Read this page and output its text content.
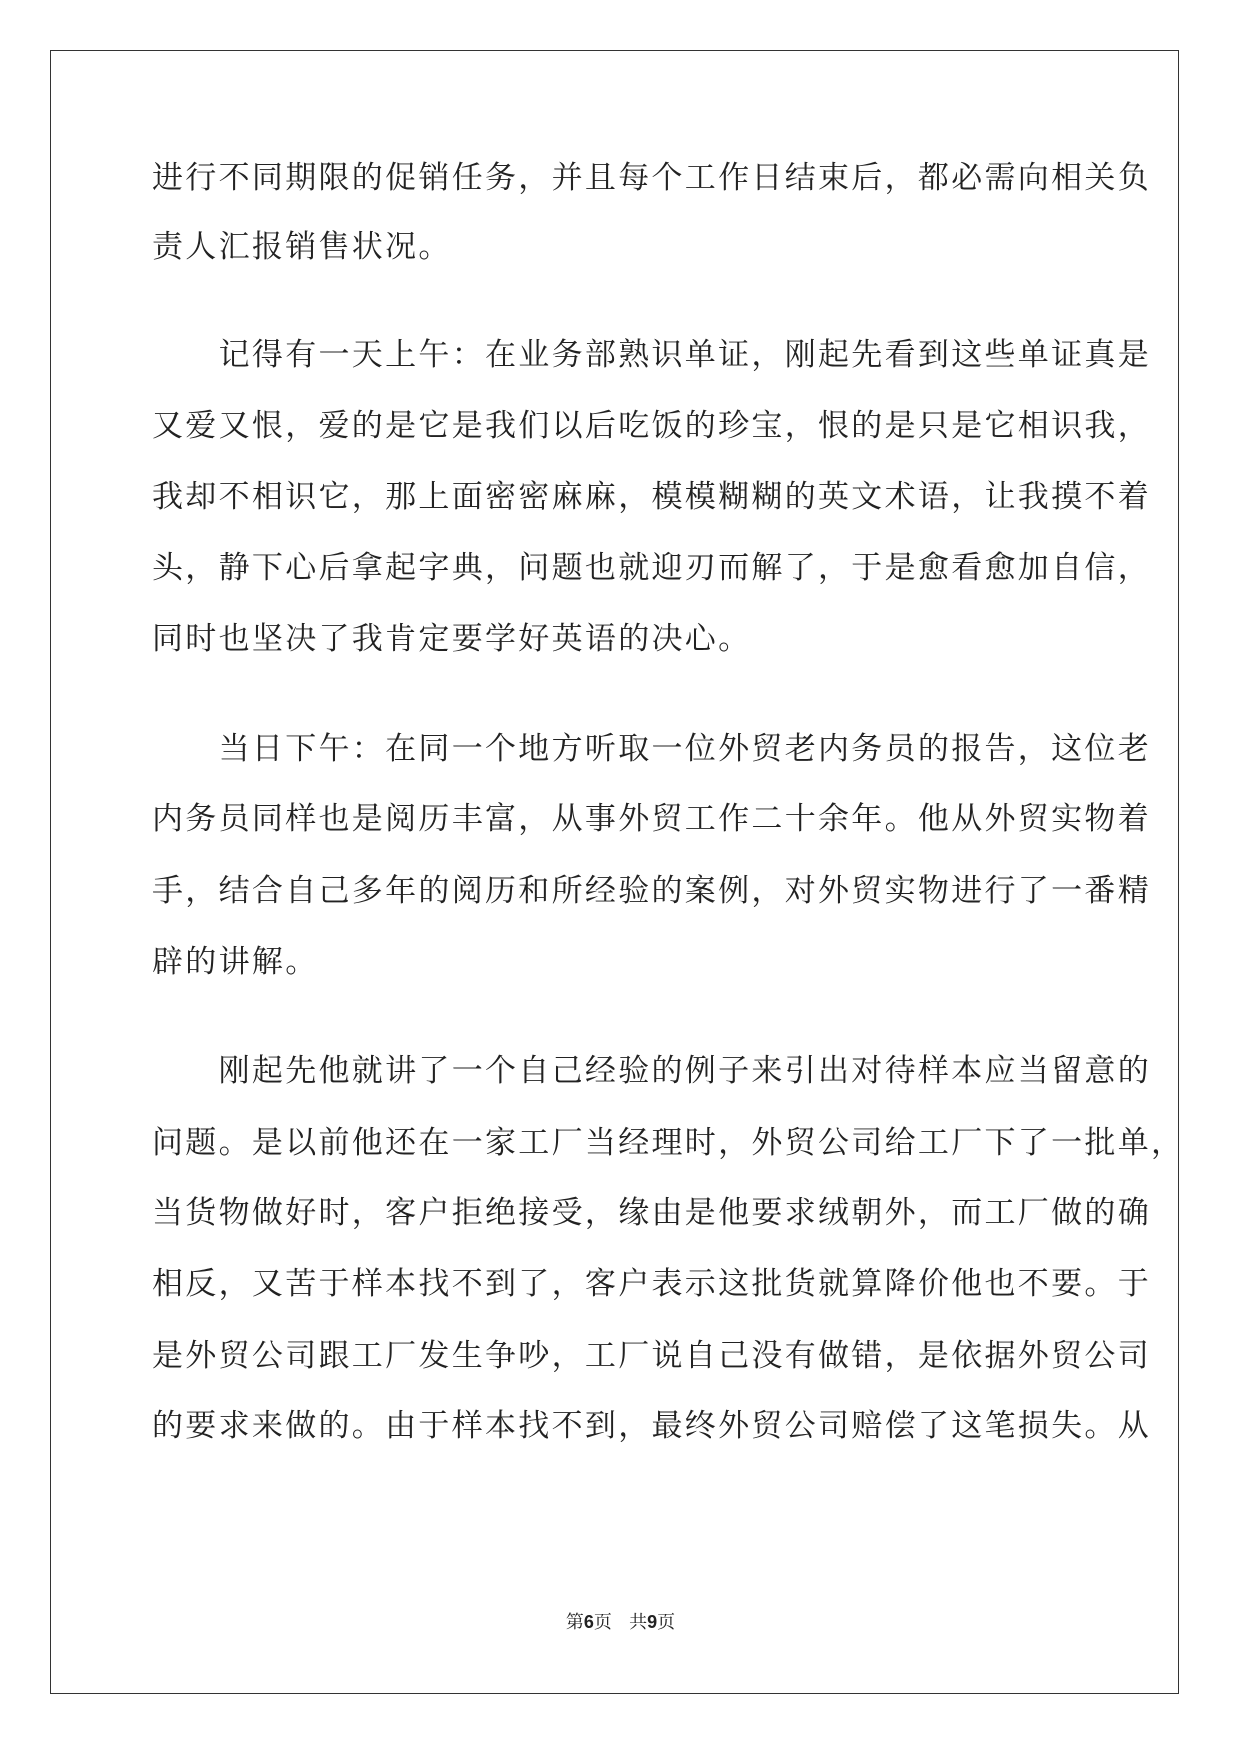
进行不同期限的促销任务，并且每个工作日结束后，都必需向相关负
责人汇报销售状况。
　　记得有一天上午：在业务部熟识单证，刚起先看到这些单证真是
又爱又恨，爱的是它是我们以后吃饭的珍宝，恨的是只是它相识我，
我却不相识它，那上面密密麻麻，模模糊糊的英文术语，让我摸不着
头，静下心后拿起字典，问题也就迎刃而解了，于是愈看愈加自信，
同时也坚决了我肯定要学好英语的决心。
　　当日下午：在同一个地方听取一位外贸老内务员的报告，这位老
内务员同样也是阅历丰富，从事外贸工作二十余年。他从外贸实物着
手，结合自己多年的阅历和所经验的案例，对外贸实物进行了一番精
辟的讲解。
　　刚起先他就讲了一个自己经验的例子来引出对待样本应当留意的
问题。是以前他还在一家工厂当经理时，外贸公司给工厂下了一批单，
当货物做好时，客户拒绝接受，缘由是他要求绒朝外，而工厂做的确
相反，又苦于样本找不到了，客户表示这批货就算降价他也不要。于
是外贸公司跟工厂发生争吵，工厂说自己没有做错，是依据外贸公司
的要求来做的。由于样本找不到，最终外贸公司赔偿了这笔损失。从
第6页 共9页
